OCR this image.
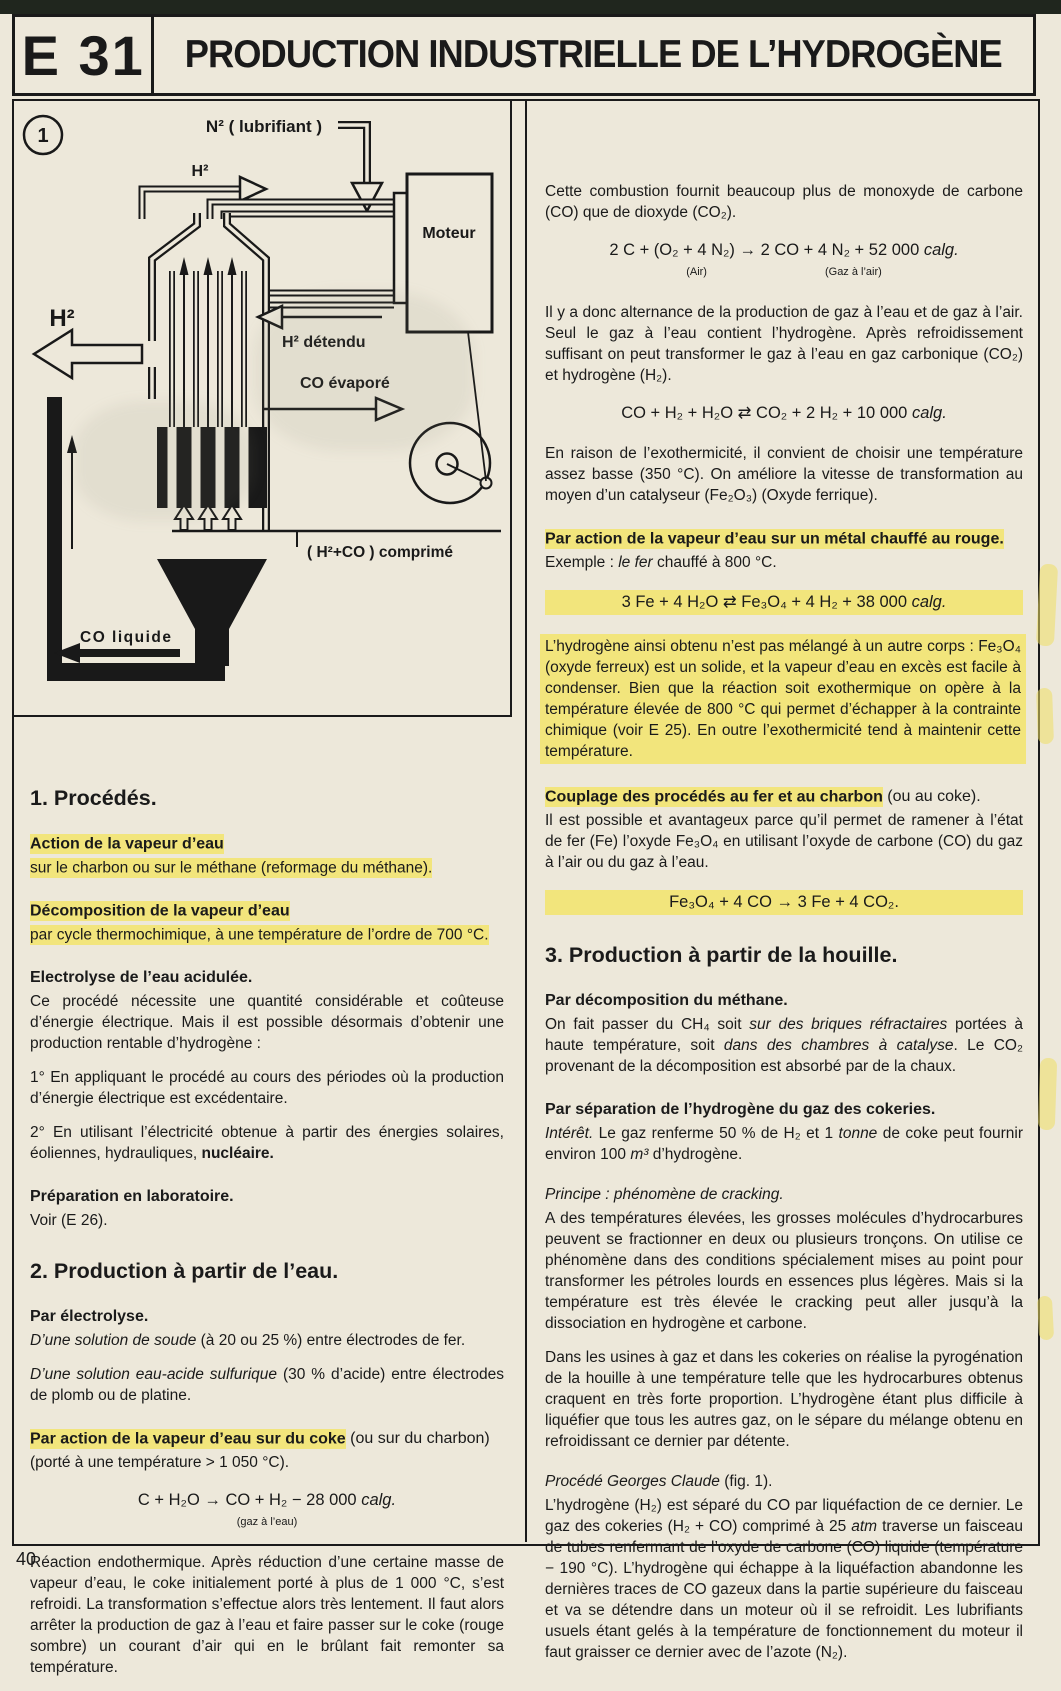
E 31 PRODUCTION INDUSTRIELLE DE L’HYDROGÈNE
1	N² ( lubrifiant )
H²
Moteur
H²
H² détendu
CO évaporé
( H²+CO ) comprimé
CO liquide
1. Procédés.
Action de la vapeur d’eau
sur le charbon ou sur le méthane (reformage du méthane).
Décomposition de la vapeur d’eau
par cycle thermochimique, à une température de l’ordre de 700 °C.
Electrolyse de l’eau acidulée.
Ce procédé nécessite une quantité considérable et coûteuse d’énergie électrique. Mais il est possible désormais d’obtenir une production rentable d’hydrogène :
1° En appliquant le procédé au cours des périodes où la production d’énergie électrique est excédentaire.
2° En utilisant l’électricité obtenue à partir des énergies solaires, éoliennes, hydrauliques, nucléaire.
Préparation en laboratoire.
Voir (E 26).
2. Production à partir de l’eau.
Par électrolyse.
D’une solution de soude (à 20 ou 25 %) entre électrodes de fer.
D’une solution eau-acide sulfurique (30 % d’acide) entre électrodes de plomb ou de platine.
Par action de la vapeur d’eau sur du coke (ou sur du charbon)
(porté à une température > 1 050 °C).
C + H₂O → CO + H₂ − 28 000 calg.
(gaz à l’eau)
Réaction endothermique. Après réduction d’une certaine masse de vapeur d’eau, le coke initialement porté à plus de 1 000 °C, s’est refroidi. La transformation s’effectue alors très lentement. Il faut alors arrêter la production de gaz à l’eau et faire passer sur le coke (rouge sombre) un courant d’air qui en le brûlant fait remonter sa température.
Cette combustion fournit beaucoup plus de monoxyde de carbone (CO) que de dioxyde (CO₂).
2 C + (O₂ + 4 N₂) → 2 CO + 4 N₂ + 52 000 calg.
(Air)	(Gaz à l’air)
Il y a donc alternance de la production de gaz à l’eau et de gaz à l’air. Seul le gaz à l’eau contient l’hydrogène. Après refroidissement suffisant on peut transformer le gaz à l’eau en gaz carbonique (CO₂) et hydrogène (H₂).
CO + H₂ + H₂O ⇄ CO₂ + 2 H₂ + 10 000 calg.
En raison de l’exothermicité, il convient de choisir une température assez basse (350 °C). On améliore la vitesse de transformation au moyen d’un catalyseur (Fe₂O₃) (Oxyde ferrique).
Par action de la vapeur d’eau sur un métal chauffé au rouge.
Exemple : le fer chauffé à 800 °C.
3 Fe + 4 H₂O ⇄ Fe₃O₄ + 4 H₂ + 38 000 calg.
L’hydrogène ainsi obtenu n’est pas mélangé à un autre corps : Fe₃O₄ (oxyde ferreux) est un solide, et la vapeur d’eau en excès est facile à condenser. Bien que la réaction soit exothermique on opère à la température élevée de 800 °C qui permet d’échapper à la contrainte chimique (voir E 25). En outre l’exothermicité tend à maintenir cette température.
Couplage des procédés au fer et au charbon (ou au coke).
Il est possible et avantageux parce qu’il permet de ramener à l’état de fer (Fe) l’oxyde Fe₃O₄ en utilisant l’oxyde de carbone (CO) du gaz à l’air ou du gaz à l’eau.
Fe₃O₄ + 4 CO → 3 Fe + 4 CO₂.
3. Production à partir de la houille.
Par décomposition du méthane.
On fait passer du CH₄ soit sur des briques réfractaires portées à haute température, soit dans des chambres à catalyse. Le CO₂ provenant de la décomposition est absorbé par de la chaux.
Par séparation de l’hydrogène du gaz des cokeries.
Intérêt. Le gaz renferme 50 % de H₂ et 1 tonne de coke peut fournir environ 100 m³ d’hydrogène.
Principe : phénomène de cracking.
A des températures élevées, les grosses molécules d’hydrocarbures peuvent se fractionner en deux ou plusieurs tronçons. On utilise ce phénomène dans des conditions spécialement mises au point pour transformer les pétroles lourds en essences plus légères. Mais si la température est très élevée le cracking peut aller jusqu’à la dissociation en hydrogène et carbone.
Dans les usines à gaz et dans les cokeries on réalise la pyrogénation de la houille à une température telle que les hydrocarbures obtenus craquent en très forte proportion. L’hydrogène étant plus difficile à liquéfier que tous les autres gaz, on le sépare du mélange obtenu en refroidissant ce dernier par détente.
Procédé Georges Claude (fig. 1).
L’hydrogène (H₂) est séparé du CO par liquéfaction de ce dernier. Le gaz des cokeries (H₂ + CO) comprimé à 25 atm traverse un faisceau de tubes renfermant de l’oxyde de carbone (CO) liquide (température − 190 °C). L’hydrogène qui échappe à la liquéfaction abandonne les dernières traces de CO gazeux dans la partie supérieure du faisceau et va se détendre dans un moteur où il se refroidit. Les lubrifiants usuels étant gelés à la température de fonctionnement du moteur il faut graisser ce dernier avec de l’azote (N₂).
40
